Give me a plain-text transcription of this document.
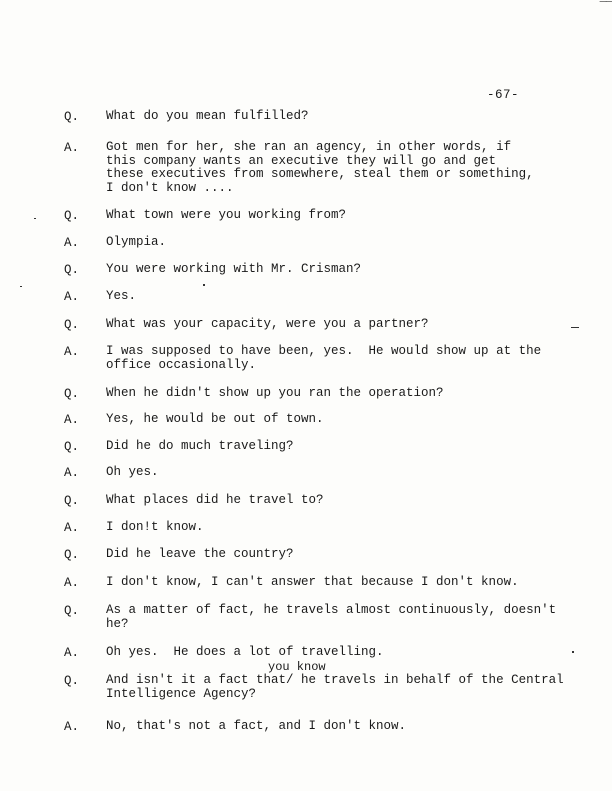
‾‾
-67-
Q. What do you mean fulfilled?
A. Got men for her, she ran an agency, in other words, if
this company wants an executive they will go and get
these executives from somewhere, steal them or something,
I don't know ....
Q. What town were you working from?
A. Olympia.
Q. You were working with Mr. Crisman?
A. Yes.
Q. What was your capacity, were you a partner?
A. I was supposed to have been, yes.  He would show up at the
office occasionally.
Q. When he didn't show up you ran the operation?
A. Yes, he would be out of town.
Q. Did he do much traveling?
A. Oh yes.
Q. What places did he travel to?
A. I don!t know.
Q. Did he leave the country?
A. I don't know, I can't answer that because I don't know.
Q. As a matter of fact, he travels almost continuously, doesn't
he?
A. Oh yes.  He does a lot of travelling.
you know
Q. And isn't it a fact that/ he travels in behalf of the Central
Intelligence Agency?
A. No, that's not a fact, and I don't know.
